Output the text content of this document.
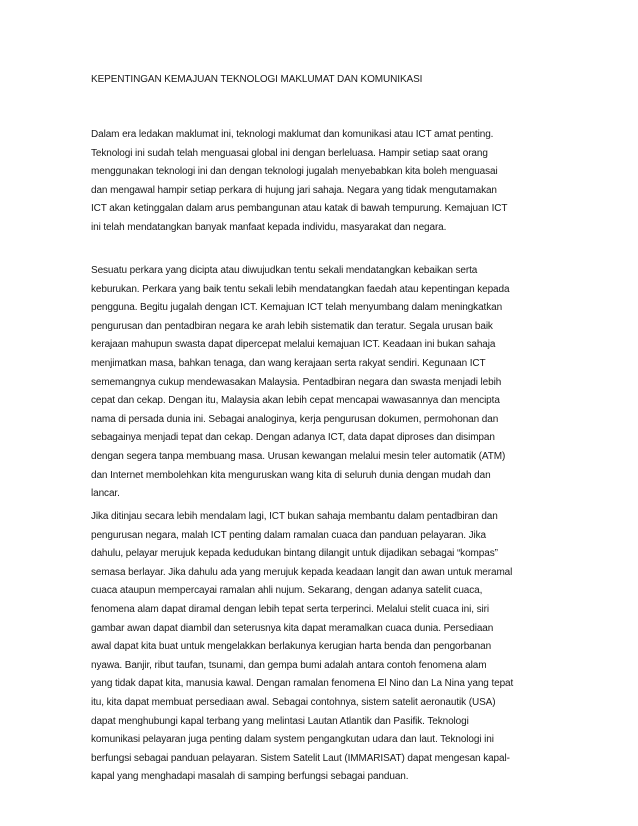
KEPENTINGAN KEMAJUAN TEKNOLOGI MAKLUMAT DAN KOMUNIKASI
Dalam era ledakan maklumat ini, teknologi maklumat dan komunikasi atau ICT amat penting.
Teknologi ini sudah telah menguasai global ini dengan berleluasa. Hampir setiap saat orang
menggunakan teknologi ini dan dengan teknologi jugalah menyebabkan kita boleh menguasai
dan mengawal hampir setiap perkara di hujung jari sahaja. Negara yang tidak mengutamakan
ICT akan ketinggalan dalam arus pembangunan atau katak di bawah tempurung. Kemajuan ICT
ini telah mendatangkan banyak manfaat kepada individu, masyarakat dan negara.
Sesuatu perkara yang dicipta atau diwujudkan tentu sekali mendatangkan kebaikan serta
keburukan. Perkara yang baik tentu sekali lebih mendatangkan faedah atau kepentingan kepada
pengguna. Begitu jugalah dengan ICT. Kemajuan ICT telah menyumbang dalam meningkatkan
pengurusan dan pentadbiran negara ke arah lebih sistematik dan teratur. Segala urusan baik
kerajaan mahupun swasta dapat dipercepat melalui kemajuan ICT. Keadaan ini bukan sahaja
menjimatkan masa, bahkan tenaga, dan wang kerajaan serta rakyat sendiri. Kegunaan ICT
sememangnya cukup mendewasakan Malaysia. Pentadbiran negara dan swasta menjadi lebih
cepat dan cekap. Dengan itu, Malaysia akan lebih cepat mencapai wawasannya dan mencipta
nama di persada dunia ini. Sebagai analoginya, kerja pengurusan dokumen, permohonan dan
sebagainya menjadi tepat dan cekap. Dengan adanya ICT, data dapat diproses dan disimpan
dengan segera tanpa membuang masa. Urusan kewangan melalui mesin teler automatik (ATM)
dan Internet membolehkan kita menguruskan wang kita di seluruh dunia dengan mudah dan
lancar.
Jika ditinjau secara lebih mendalam lagi, ICT bukan sahaja membantu dalam pentadbiran dan
pengurusan negara, malah ICT penting dalam ramalan cuaca dan panduan pelayaran. Jika
dahulu, pelayar merujuk kepada kedudukan bintang dilangit untuk dijadikan sebagai “kompas”
semasa berlayar. Jika dahulu ada yang merujuk kepada keadaan langit dan awan untuk meramal
cuaca ataupun mempercayai ramalan ahli nujum. Sekarang, dengan adanya satelit cuaca,
fenomena alam dapat diramal dengan lebih tepat serta terperinci. Melalui stelit cuaca ini, siri
gambar awan dapat diambil dan seterusnya kita dapat meramalkan cuaca dunia. Persediaan
awal dapat kita buat untuk mengelakkan berlakunya kerugian harta benda dan pengorbanan
nyawa. Banjir, ribut taufan, tsunami, dan gempa bumi adalah antara contoh fenomena alam
yang tidak dapat kita, manusia kawal. Dengan ramalan fenomena El Nino dan La Nina yang tepat
itu, kita dapat membuat persediaan awal. Sebagai contohnya, sistem satelit aeronautik (USA)
dapat menghubungi kapal terbang yang melintasi Lautan Atlantik dan Pasifik. Teknologi
komunikasi pelayaran juga penting dalam system pengangkutan udara dan laut. Teknologi ini
berfungsi sebagai panduan pelayaran. Sistem Satelit Laut (IMMARISAT) dapat mengesan kapal-
kapal yang menghadapi masalah di samping berfungsi sebagai panduan.
